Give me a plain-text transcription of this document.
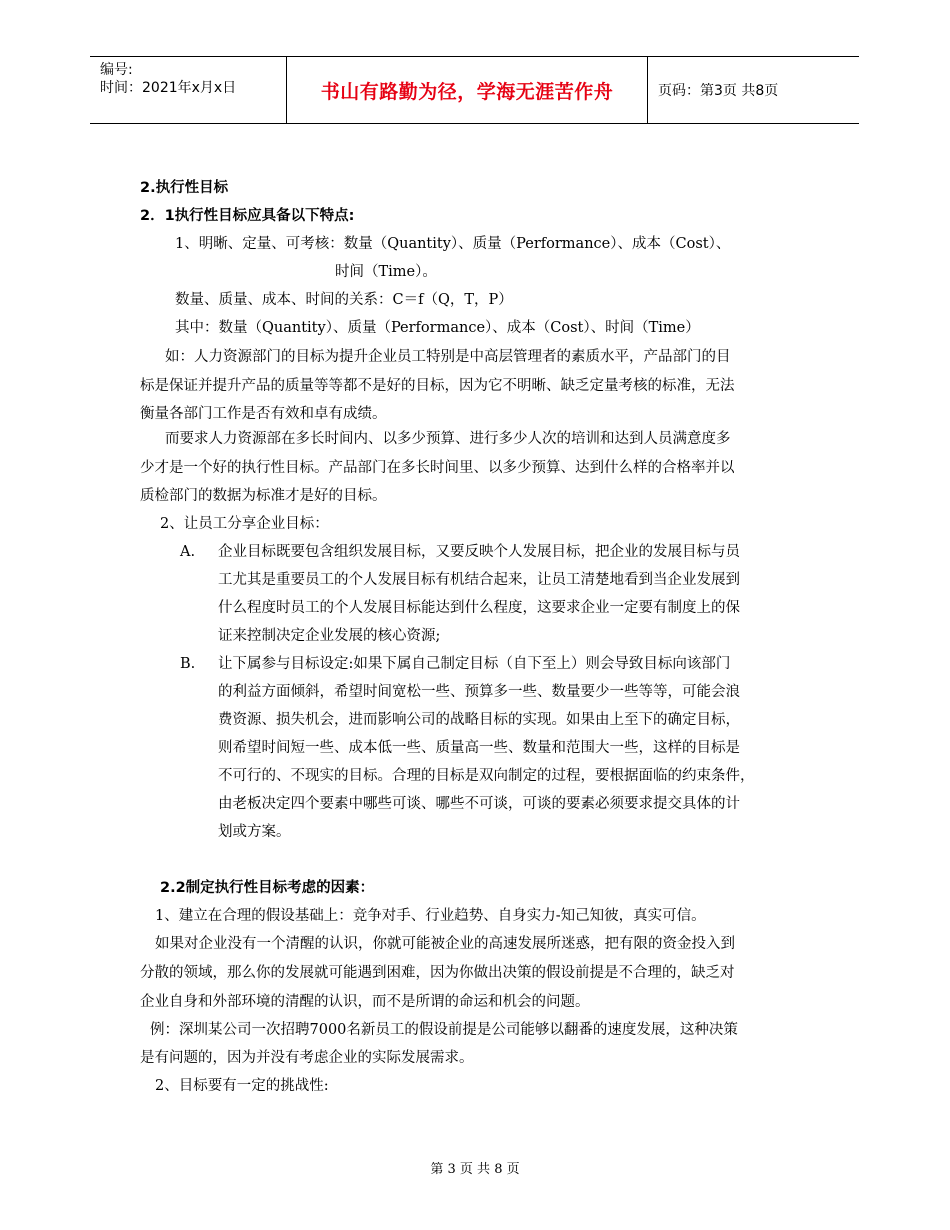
编号:
时间：2021年x月x日	书山有路勤为径，学海无涯苦作舟	页码：第3页 共8页
2.执行性目标
2．1执行性目标应具备以下特点:
1、明晰、定量、可考核：数量（Quantity）、质量（Performance）、成本（Cost）、
时间（Time）。
数量、质量、成本、时间的关系：C＝f（Q，T，P）
其中：数量（Quantity）、质量（Performance）、成本（Cost）、时间（Time）
如：人力资源部门的目标为提升企业员工特别是中高层管理者的素质水平，产品部门的目
标是保证并提升产品的质量等等都不是好的目标，因为它不明晰、缺乏定量考核的标准，无法
衡量各部门工作是否有效和卓有成绩。
而要求人力资源部在多长时间内、以多少预算、进行多少人次的培训和达到人员满意度多
少才是一个好的执行性目标。产品部门在多长时间里、以多少预算、达到什么样的合格率并以
质检部门的数据为标准才是好的目标。
2、让员工分享企业目标：
A. 企业目标既要包含组织发展目标，又要反映个人发展目标，把企业的发展目标与员
工尤其是重要员工的个人发展目标有机结合起来，让员工清楚地看到当企业发展到
什么程度时员工的个人发展目标能达到什么程度，这要求企业一定要有制度上的保
证来控制决定企业发展的核心资源;
B. 让下属参与目标设定:如果下属自己制定目标（自下至上）则会导致目标向该部门
的利益方面倾斜，希望时间宽松一些、预算多一些、数量要少一些等等，可能会浪
费资源、损失机会，进而影响公司的战略目标的实现。如果由上至下的确定目标，
则希望时间短一些、成本低一些、质量高一些、数量和范围大一些，这样的目标是
不可行的、不现实的目标。合理的目标是双向制定的过程，要根据面临的约束条件，
由老板决定四个要素中哪些可谈、哪些不可谈，可谈的要素必须要求提交具体的计
划或方案。
2.2制定执行性目标考虑的因素：
1、建立在合理的假设基础上：竞争对手、行业趋势、自身实力-知己知彼，真实可信。
如果对企业没有一个清醒的认识，你就可能被企业的高速发展所迷惑，把有限的资金投入到
分散的领域，那么你的发展就可能遇到困难，因为你做出决策的假设前提是不合理的，缺乏对
企业自身和外部环境的清醒的认识，而不是所谓的命运和机会的问题。
例：深圳某公司一次招聘7000名新员工的假设前提是公司能够以翻番的速度发展，这种决策
是有问题的，因为并没有考虑企业的实际发展需求。
2、目标要有一定的挑战性:
第 3 页 共 8 页
